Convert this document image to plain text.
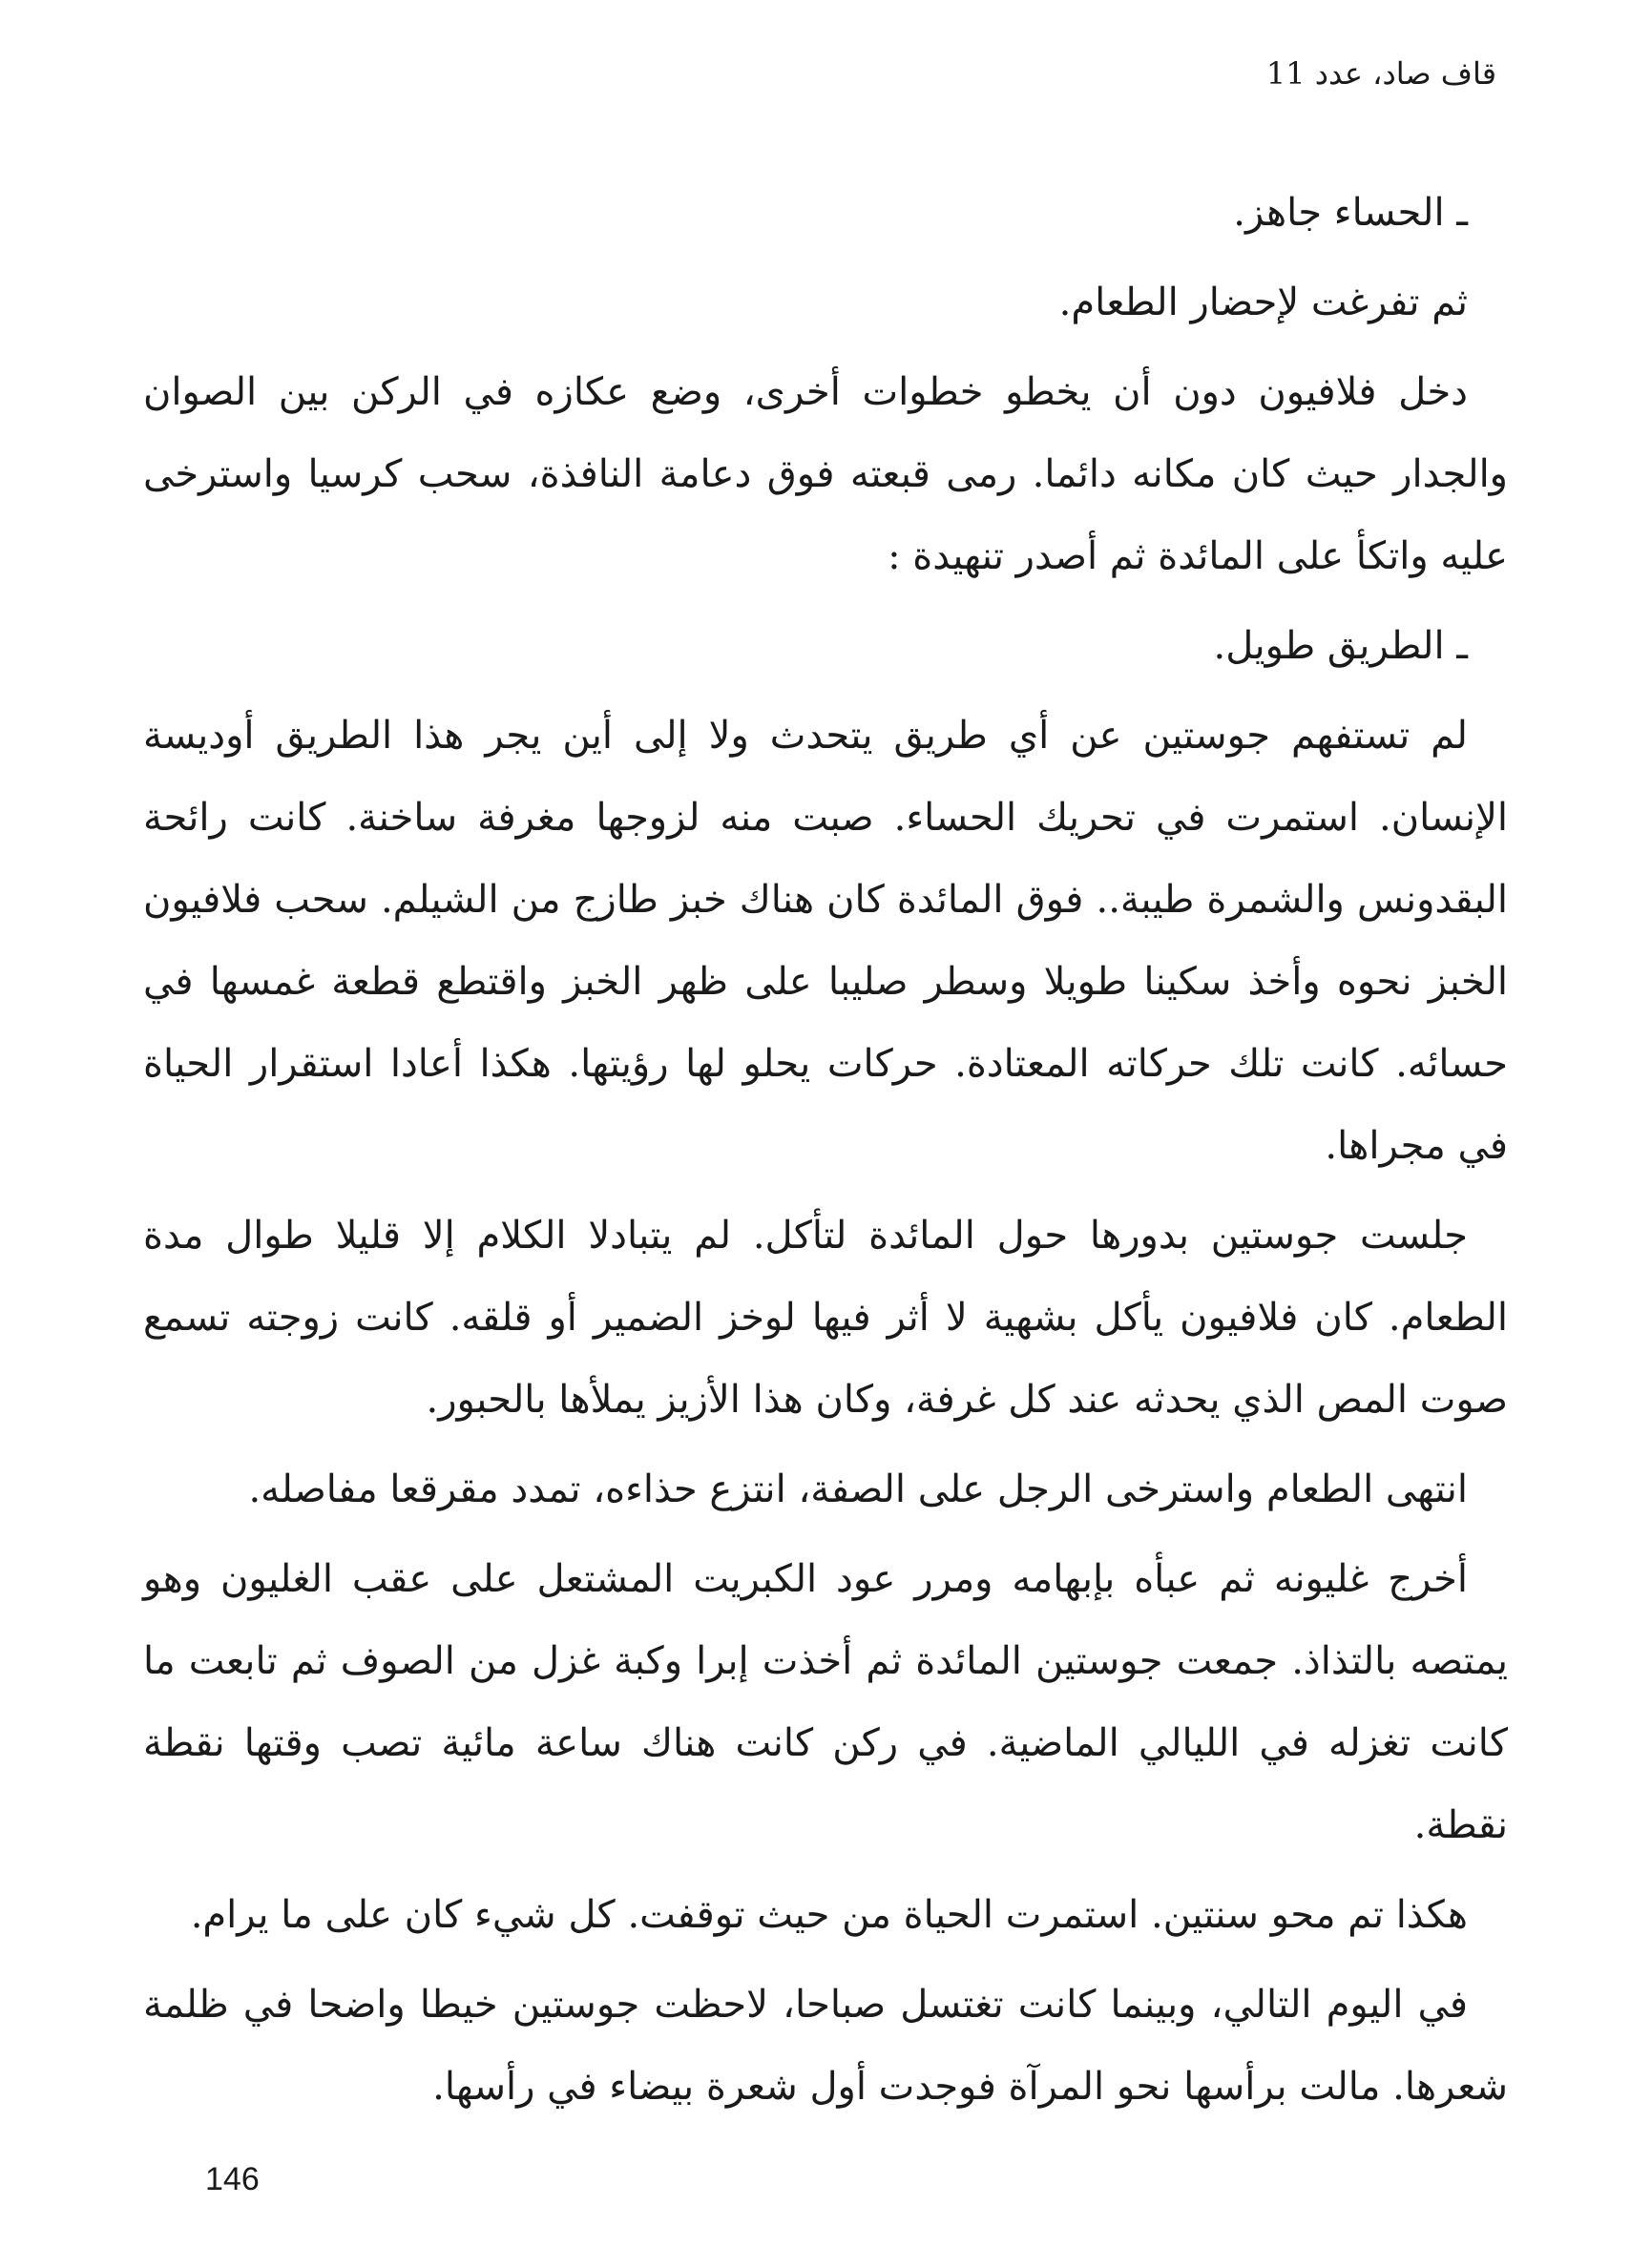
قاف صاد، عدد 11

ـ الحساء جاهز.

ثم تفرغت لإحضار الطعام.

دخل فلافيون دون أن يخطو خطوات أخرى، وضع عكازه في الركن بين الصوان والجدار حيث كان مكانه دائما. رمى قبعته فوق دعامة النافذة، سحب كرسيا واسترخى عليه واتكأ على المائدة ثم أصدر تنهيدة :

ـ الطريق طويل.

لم تستفهم جوستين عن أي طريق يتحدث ولا إلى أين يجر هذا الطريق أوديسة الإنسان. استمرت في تحريك الحساء. صبت منه لزوجها مغرفة ساخنة. كانت رائحة البقدونس والشمرة طيبة.. فوق المائدة كان هناك خبز طازج من الشيلم. سحب فلافيون الخبز نحوه وأخذ سكينا طويلا وسطر صليبا على ظهر الخبز واقتطع قطعة غمسها في حسائه. كانت تلك حركاته المعتادة. حركات يحلو لها رؤيتها. هكذا أعادا استقرار الحياة في مجراها.

جلست جوستين بدورها حول المائدة لتأكل. لم يتبادلا الكلام إلا قليلا طوال مدة الطعام. كان فلافيون يأكل بشهية لا أثر فيها لوخز الضمير أو قلقه. كانت زوجته تسمع صوت المص الذي يحدثه عند كل غرفة، وكان هذا الأزيز يملأها بالحبور.

انتهى الطعام واسترخى الرجل على الصفة، انتزع حذاءه، تمدد مقرقعا مفاصله.

أخرج غليونه ثم عبأه بإبهامه ومرر عود الكبريت المشتعل على عقب الغليون وهو يمتصه بالتذاذ. جمعت جوستين المائدة ثم أخذت إبرا وكبة غزل من الصوف ثم تابعت ما كانت تغزله في الليالي الماضية. في ركن كانت هناك ساعة مائية تصب وقتها نقطة نقطة.

هكذا تم محو سنتين. استمرت الحياة من حيث توقفت. كل شيء كان على ما يرام.

في اليوم التالي، وبينما كانت تغتسل صباحا، لاحظت جوستين خيطا واضحا في ظلمة شعرها. مالت برأسها نحو المرآة فوجدت أول شعرة بيضاء في رأسها.

146
